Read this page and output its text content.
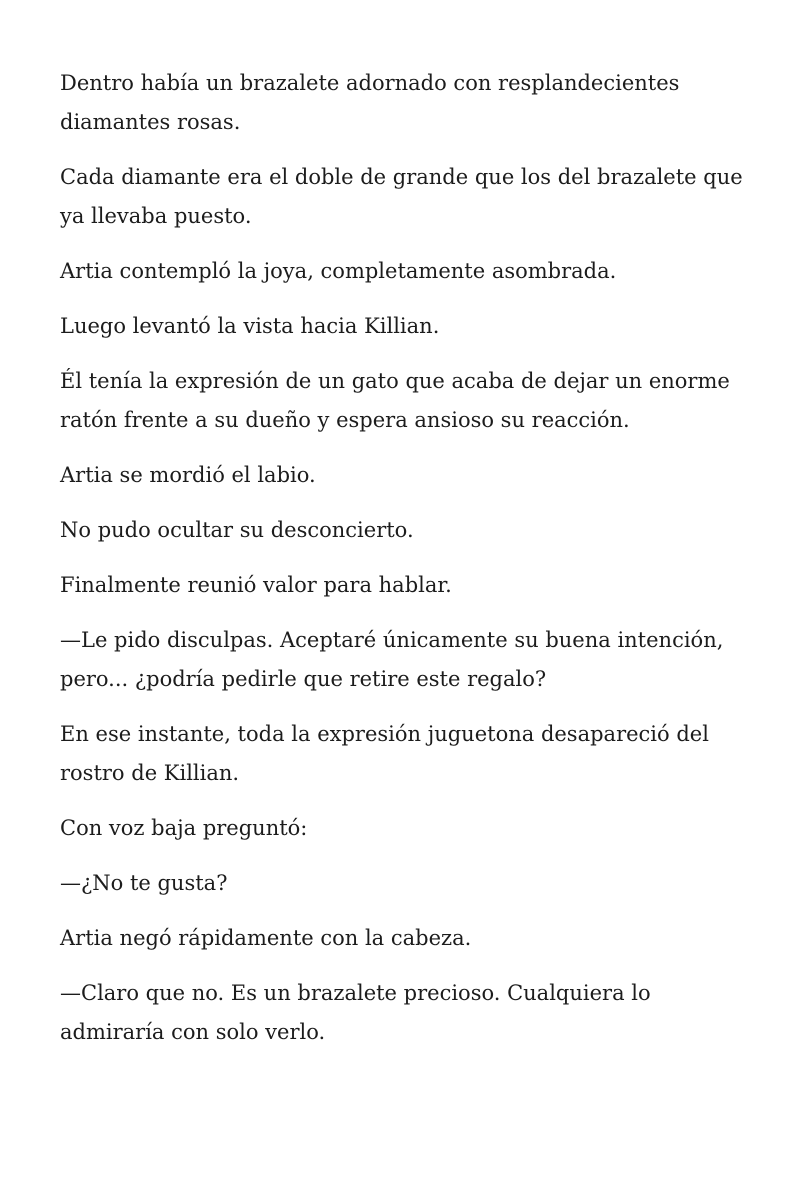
Dentro había un brazalete adornado con resplandecientes diamantes rosas.

Cada diamante era el doble de grande que los del brazalete que ya llevaba puesto.

Artia contempló la joya, completamente asombrada.

Luego levantó la vista hacia Killian.

Él tenía la expresión de un gato que acaba de dejar un enorme ratón frente a su dueño y espera ansioso su reacción.

Artia se mordió el labio.

No pudo ocultar su desconcierto.

Finalmente reunió valor para hablar.

—Le pido disculpas. Aceptaré únicamente su buena intención, pero... ¿podría pedirle que retire este regalo?

En ese instante, toda la expresión juguetona desapareció del rostro de Killian.

Con voz baja preguntó:

—¿No te gusta?

Artia negó rápidamente con la cabeza.

—Claro que no. Es un brazalete precioso. Cualquiera lo admiraría con solo verlo.
